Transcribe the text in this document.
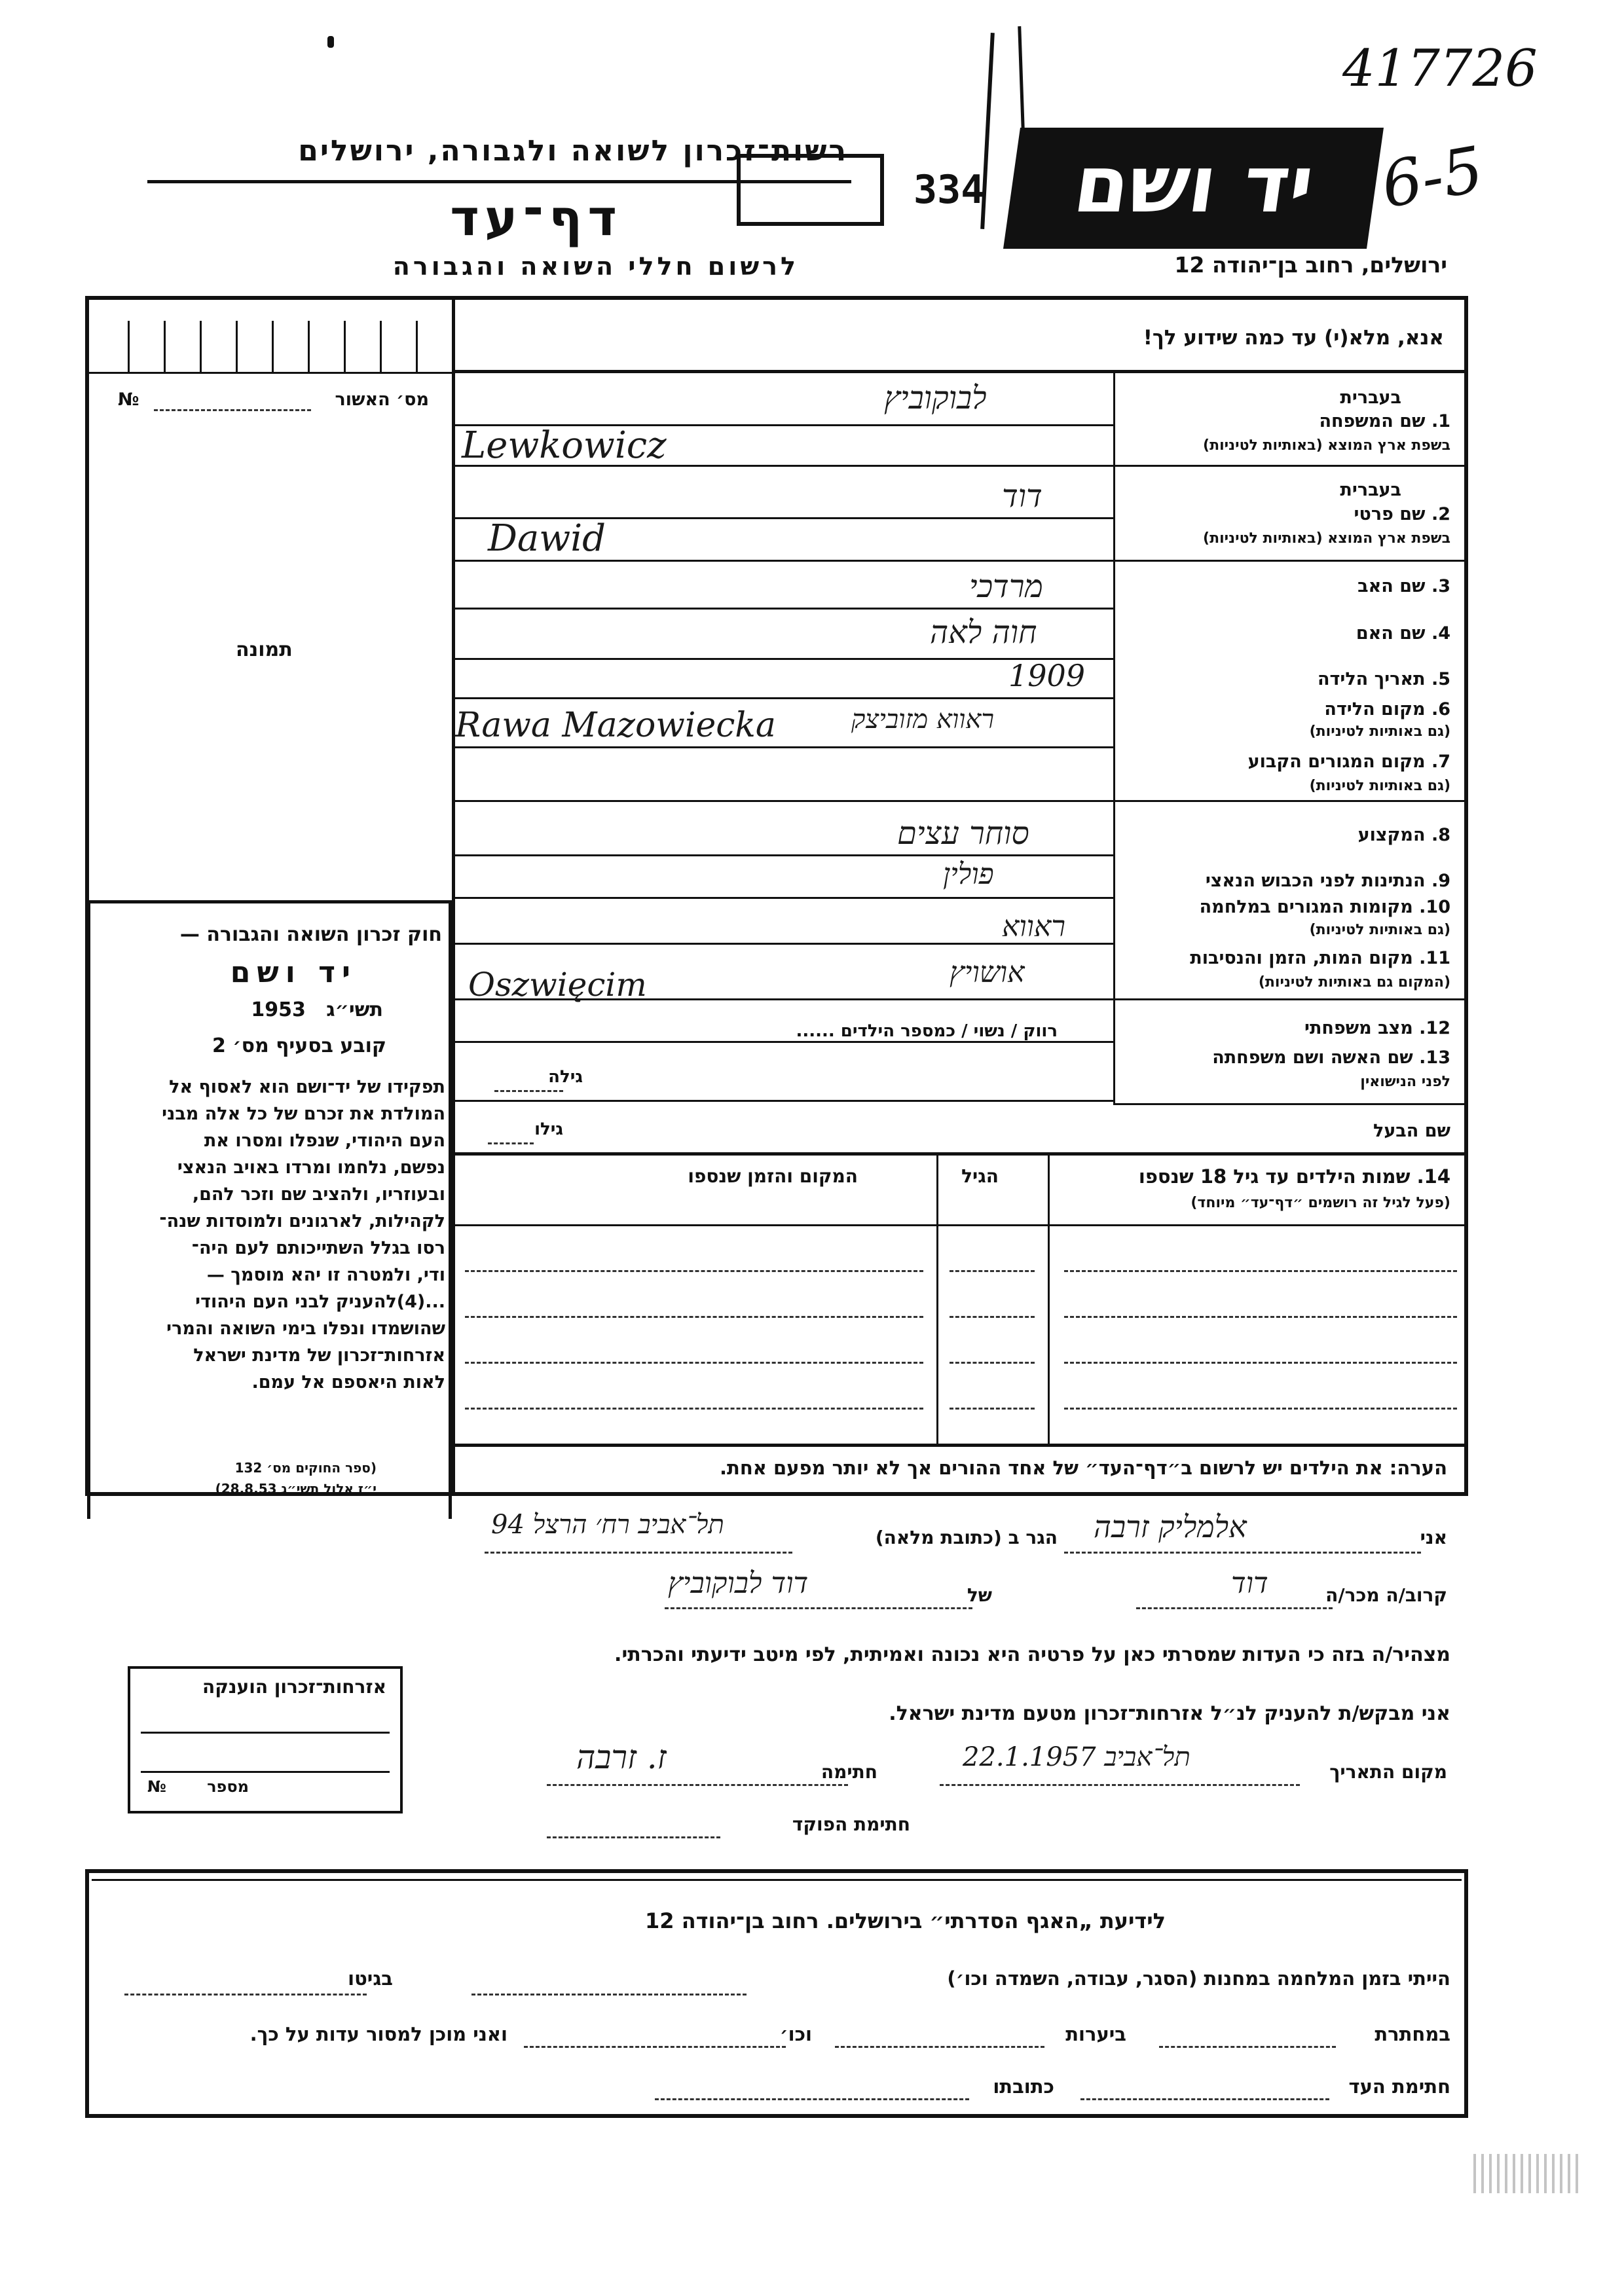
417726
6-5
רשות־זכרון לשואה ולגבורה, ירושלים
דף־עד
לרשום חללי השואה והגבורה
334	יד ושם
ירושלים, רחוב בן־יהודה 12
מס׳ האשור
№
תמונה
חוק זכרון השואה והגבורה —
יד ושם
תשי״ג   1953
קובע בסעיף מס׳ 2
תפקידו של יד־ושם הוא לאסוף אל
המולדת את זכרם של כל אלה מבני
העם היהודי, שנפלו ומסרו את
נפשם, נלחמו ומרדו באויב הנאצי
ובעוזריו, ולהציב שם וזכר להם,
לקהילות, לארגונים ולמוסדות שנה־
רסו בגלל השתייכותם לעם היה־
ודי, ולמטרה זו יהא מוסמך —
...(4)להעניק לבני העם היהודי
שהושמדו ונפלו בימי השואה והמרי
אזרחות־זכרון של מדינת ישראל
לאות היאספם אל עמם.
(ספר החוקים מס׳ 132
י״ז אלול תשי״ג 28.8.53)
אנא, מלא(י) עד כמה שידוע לך!
בעברית
1. שם המשפחה
בשפת ארץ המוצא (באותיות לטיניות)
בעברית
2. שם פרטי
בשפת ארץ המוצא (באותיות לטיניות)
3. שם האב
4. שם האם
5. תאריך הלידה
6. מקום הלידה
(גם באותיות לטיניות)
7. מקום המגורים הקבוע
(גם באותיות לטיניות)
8. המקצוע
9. הנתינות לפני הכבוש הנאצי
10. מקומות המגורים במלחמה
(גם באותיות לטיניות)
11. מקום המות, הזמן והנסיבות
(המקום גם באותיות לטיניות)
12. מצב משפחתי
13. שם האשה ושם משפחתה
לפני הנישואין
שם הבעל
לבוקוביץ
Lewkowicz
דוד
Dawid
מרדכי
חוה לאה
1909
ראווא מזוביצק
Rawa Mazowiecka
סוחר עצים
פולין
ראווא
אושויץ
Oszwięcim
רווק / נשוי / כמספר הילדים ......
גילה
גילו
14. שמות הילדים עד גיל 18 שנספו
(פעל לגיל זה רושמים ״דף־עד״ מיוחד)
הגיל
המקום והזמן שנספו
הערה: את הילדים יש לרשום ב״דף־העד״ של אחד ההורים אך לא יותר מפעם אחת.
אני
אלמליק זרבה
הגר ב (כתובת מלאה)
תל־אביב רח׳ הרצל 94
קרוב/ה מכר/ה
דוד
של
דוד לבוקוביץ
מצהיר/ה בזה כי העדות שמסרתי כאן על פרטיה היא נכונה ואמיתית, לפי מיטב ידיעתי והכרתי.
אני מבקש/ת להעניק לנ״ל אזרחות־זכרון מטעם מדינת ישראל.
מקום התאריך
תל־אביב 22.1.1957
חתימה
ז. זרבה
חתימת הפוקד
אזרחות־זכרון הוענקה
מספר
№
לידיעת „האגף הסדרתי״ בירושלים. רחוב בן־יהודה 12
הייתי בזמן המלחמה במחנות (הסגר, עבודה, השמדה וכו׳)
בגיטו
במחתרת
ביערות
וכו׳
ואני מוכן למסור עדות על כך.
חתימת העד
כתובתו
